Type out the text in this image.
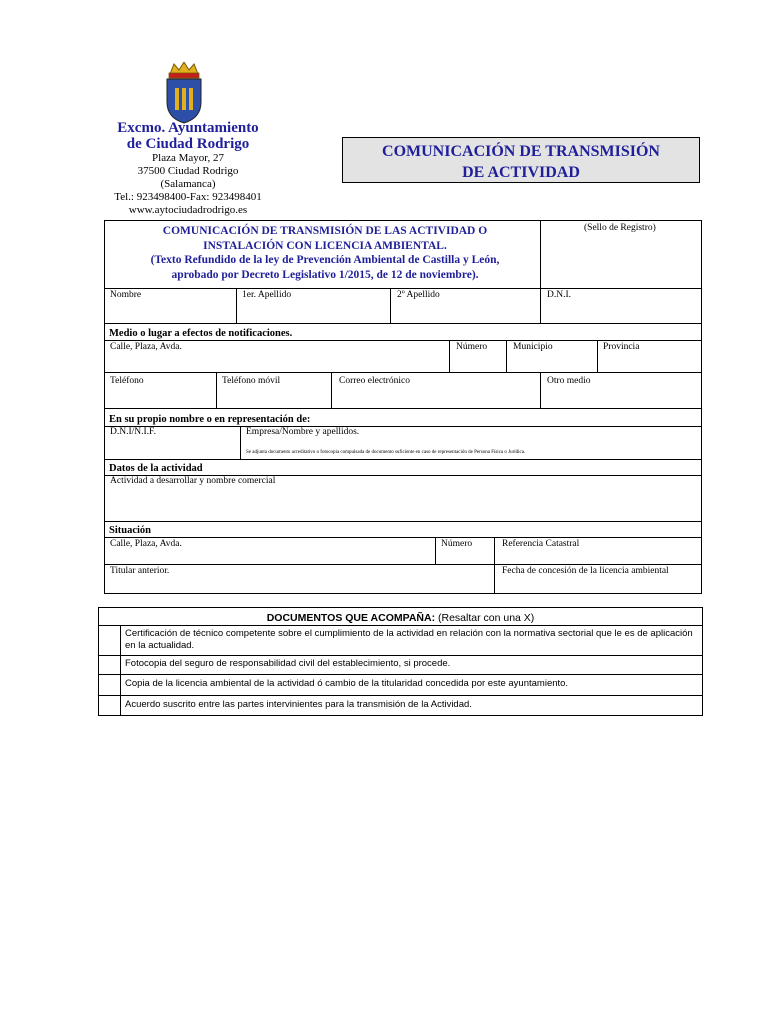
Excmo. Ayuntamiento
de Ciudad Rodrigo
Plaza Mayor, 27
37500 Ciudad Rodrigo
(Salamanca)
Tel.: 923498400-Fax: 923498401
www.aytociudadrodrigo.es
COMUNICACIÓN DE TRANSMISIÓN
DE ACTIVIDAD
COMUNICACIÓN DE TRANSMISIÓN DE LAS ACTIVIDAD O
INSTALACIÓN CON LICENCIA AMBIENTAL.
(Texto Refundido de la ley de Prevención Ambiental de Castilla y León,
aprobado por Decreto Legislativo 1/2015, de 12 de noviembre).
(Sello de Registro)
Nombre	1er. Apellido	2º Apellido	D.N.I.
Medio o lugar a efectos de notificaciones.
Calle, Plaza, Avda.	Número	Municipio	Provincia
Teléfono	Teléfono móvil	Correo electrónico	Otro medio
En su propio nombre o en representación de:
D.N.I/N.I.F.	Empresa/Nombre y apellidos.
Se adjunta documento acreditativo o fotocopia compulsada de documento suficiente en caso de representación de Persona Física o Jurídica.
Datos de la actividad
Actividad a desarrollar y nombre comercial
Situación
Calle, Plaza, Avda.	Número	Referencia Catastral
Titular anterior.	Fecha de concesión de la licencia ambiental
DOCUMENTOS QUE ACOMPAÑA: (Resaltar con una X)
Certificación de técnico competente sobre el cumplimiento de la actividad en relación con la normativa sectorial que le es de aplicación en la actualidad.
Fotocopia del seguro de responsabilidad civil del establecimiento, si procede.
Copia de la licencia ambiental de la actividad ó cambio de la titularidad concedida por este ayuntamiento.
Acuerdo suscrito entre las partes intervinientes para la transmisión de la Actividad.
